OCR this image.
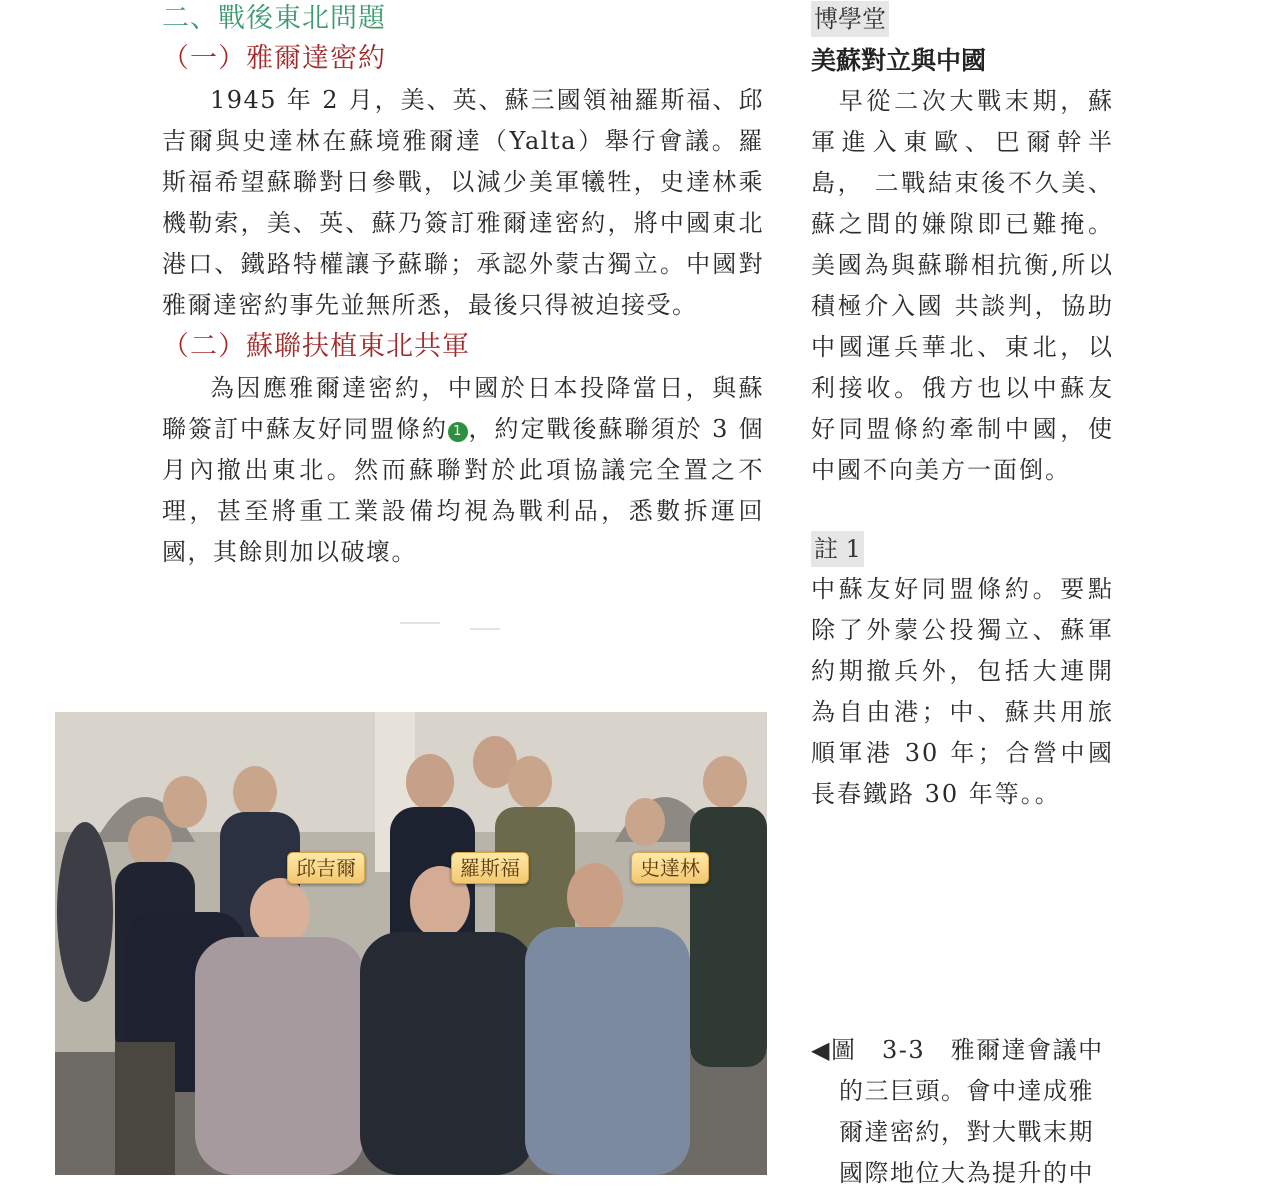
二、戰後東北問題
（一）雅爾達密約

1945 年 2 月，美、英、蘇三國領袖羅斯福、邱吉爾與史達林在蘇境雅爾達（Yalta）舉行會議。羅斯福希望蘇聯對日參戰，以減少美軍犧牲，史達林乘機勒索，美、英、蘇乃簽訂雅爾達密約，將中國東北港口、鐵路特權讓予蘇聯；承認外蒙古獨立。中國對雅爾達密約事先並無所悉，最後只得被迫接受。

（二）蘇聯扶植東北共軍

為因應雅爾達密約，中國於日本投降當日，與蘇聯簽訂中蘇友好同盟條約 1 ，約定戰後蘇聯須於 3 個月內撤出東北。然而蘇聯對於此項協議完全置之不理，甚至將重工業設備均視為戰利品，悉數拆運回國，其餘則加以破壞。

博學堂
美蘇對立與中國

　早從二次大戰末期，蘇軍進入東歐、巴爾幹半島， 二戰結束後不久美、蘇之間的嫌隙即已難掩。美國為與蘇聯相抗衡,所以積極介入國 共談判，協助中國運兵華北、東北，以利接收。俄方也以中蘇友好同盟條約牽制中國，使中國不向美方一面倒。

註 1

中蘇友好同盟條約。要點除了外蒙公投獨立、蘇軍約期撤兵外，包括大連開為自由港；中、蘇共用旅順軍港 30 年；合營中國長春鐵路 30 年等。。

邱吉爾	羅斯福	史達林
◀圖　3-3　雅爾達會議中
的三巨頭。會中達成雅
爾達密約，對大戰末期
國際地位大為提升的中
